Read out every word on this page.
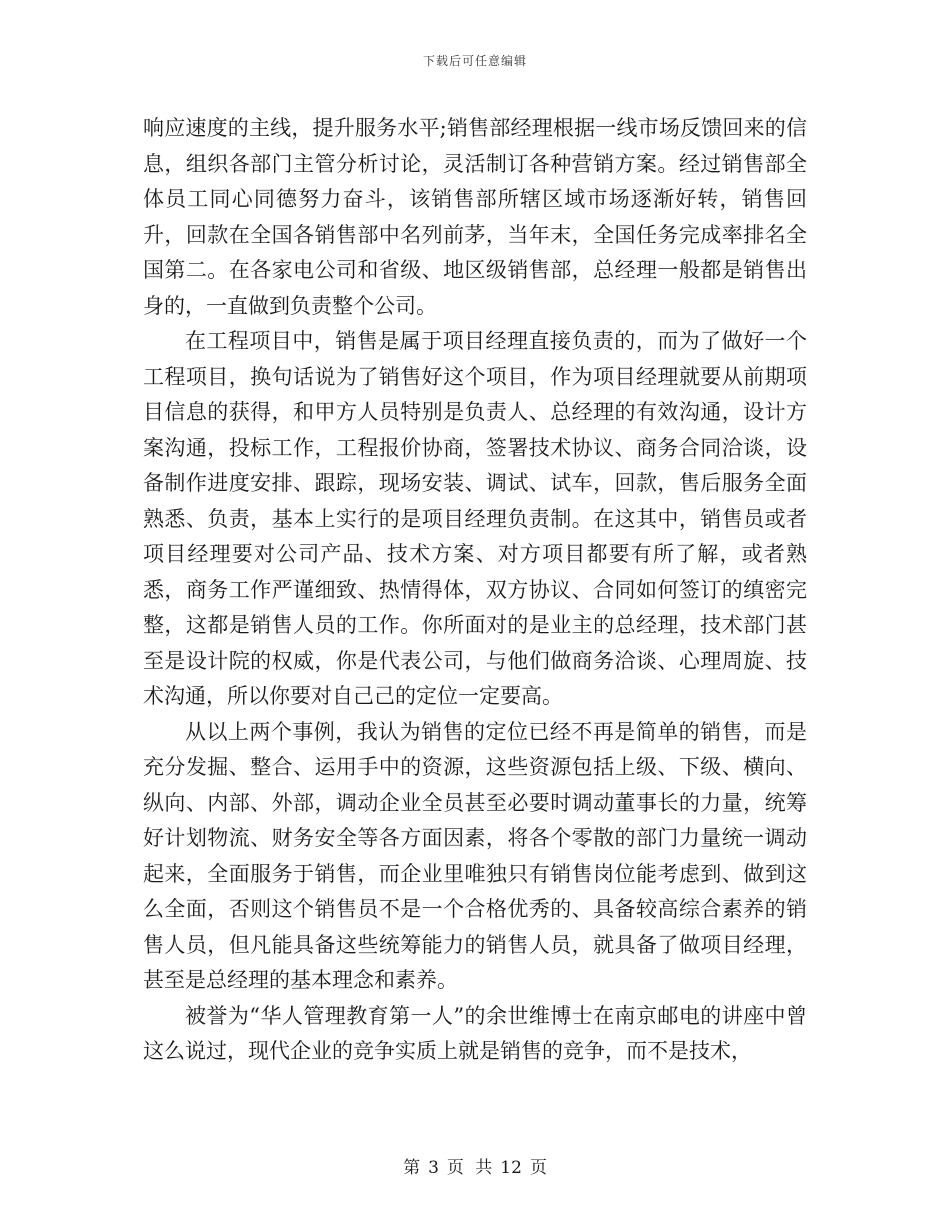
下载后可任意编辑

响应速度的主线，提升服务水平;销售部经理根据一线市场反馈回来的信息，组织各部门主管分析讨论，灵活制订各种营销方案。经过销售部全体员工同心同德努力奋斗，该销售部所辖区域市场逐渐好转，销售回升，回款在全国各销售部中名列前茅，当年末，全国任务完成率排名全国第二。在各家电公司和省级、地区级销售部，总经理一般都是销售出身的，一直做到负责整个公司。

在工程项目中，销售是属于项目经理直接负责的，而为了做好一个工程项目，换句话说为了销售好这个项目，作为项目经理就要从前期项目信息的获得，和甲方人员特别是负责人、总经理的有效沟通，设计方案沟通，投标工作，工程报价协商，签署技术协议、商务合同洽谈，设备制作进度安排、跟踪，现场安装、调试、试车，回款，售后服务全面熟悉、负责，基本上实行的是项目经理负责制。在这其中，销售员或者项目经理要对公司产品、技术方案、对方项目都要有所了解，或者熟悉，商务工作严谨细致、热情得体，双方协议、合同如何签订的缜密完整，这都是销售人员的工作。你所面对的是业主的总经理，技术部门甚至是设计院的权威，你是代表公司，与他们做商务洽谈、心理周旋、技术沟通，所以你要对自己己的定位一定要高。

从以上两个事例，我认为销售的定位已经不再是简单的销售，而是充分发掘、整合、运用手中的资源，这些资源包括上级、下级、横向、纵向、内部、外部，调动企业全员甚至必要时调动董事长的力量，统筹好计划物流、财务安全等各方面因素，将各个零散的部门力量统一调动起来，全面服务于销售，而企业里唯独只有销售岗位能考虑到、做到这么全面，否则这个销售员不是一个合格优秀的、具备较高综合素养的销售人员，但凡能具备这些统筹能力的销售人员，就具备了做项目经理，甚至是总经理的基本理念和素养。

被誉为“华人管理教育第一人”的余世维博士在南京邮电的讲座中曾这么说过，现代企业的竞争实质上就是销售的竞争，而不是技术，

第 3 页 共 12 页
